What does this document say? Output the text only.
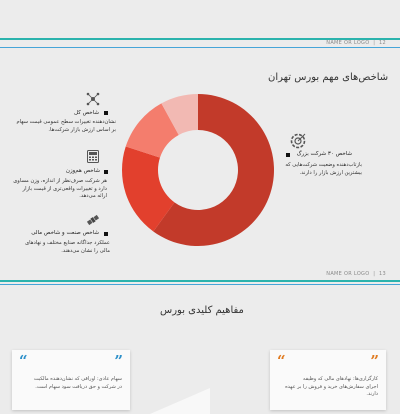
NAME OR LOGO  |  12
شاخص‌های مهم بورس تهران
شاخص کل
نشان‌دهنده تغییرات سطح عمومی قیمت سهام
بر اساس ارزش بازار شرکت‌ها.
شاخص هم‌وزن
هر شرکت صرف‌نظر از اندازه، وزن مساوی
دارد و تغییرات واقعی‌تری از قیمت بازار
ارائه می‌دهد.
شاخص صنعت و شاخص مالی
عملکرد جداگانه صنایع مختلف و نهادهای
مالی را نشان می‌دهند.
شاخص ۳۰ شرکت بزرگ
بازتاب‌دهنده وضعیت شرکت‌هایی که
بیشترین ارزش بازار را دارند.
NAME OR LOGO  |  13
مفاهیم کلیدی بورس
“	”
سهام عادی: اوراقی که نشان‌دهنده مالکیت
در شرکت و حق دریافت سود سهام است.
“	”
کارگزاری‌ها: نهادهای مالی که وظیفه
اجرای سفارش‌های خرید و فروش را بر عهده
دارند.
